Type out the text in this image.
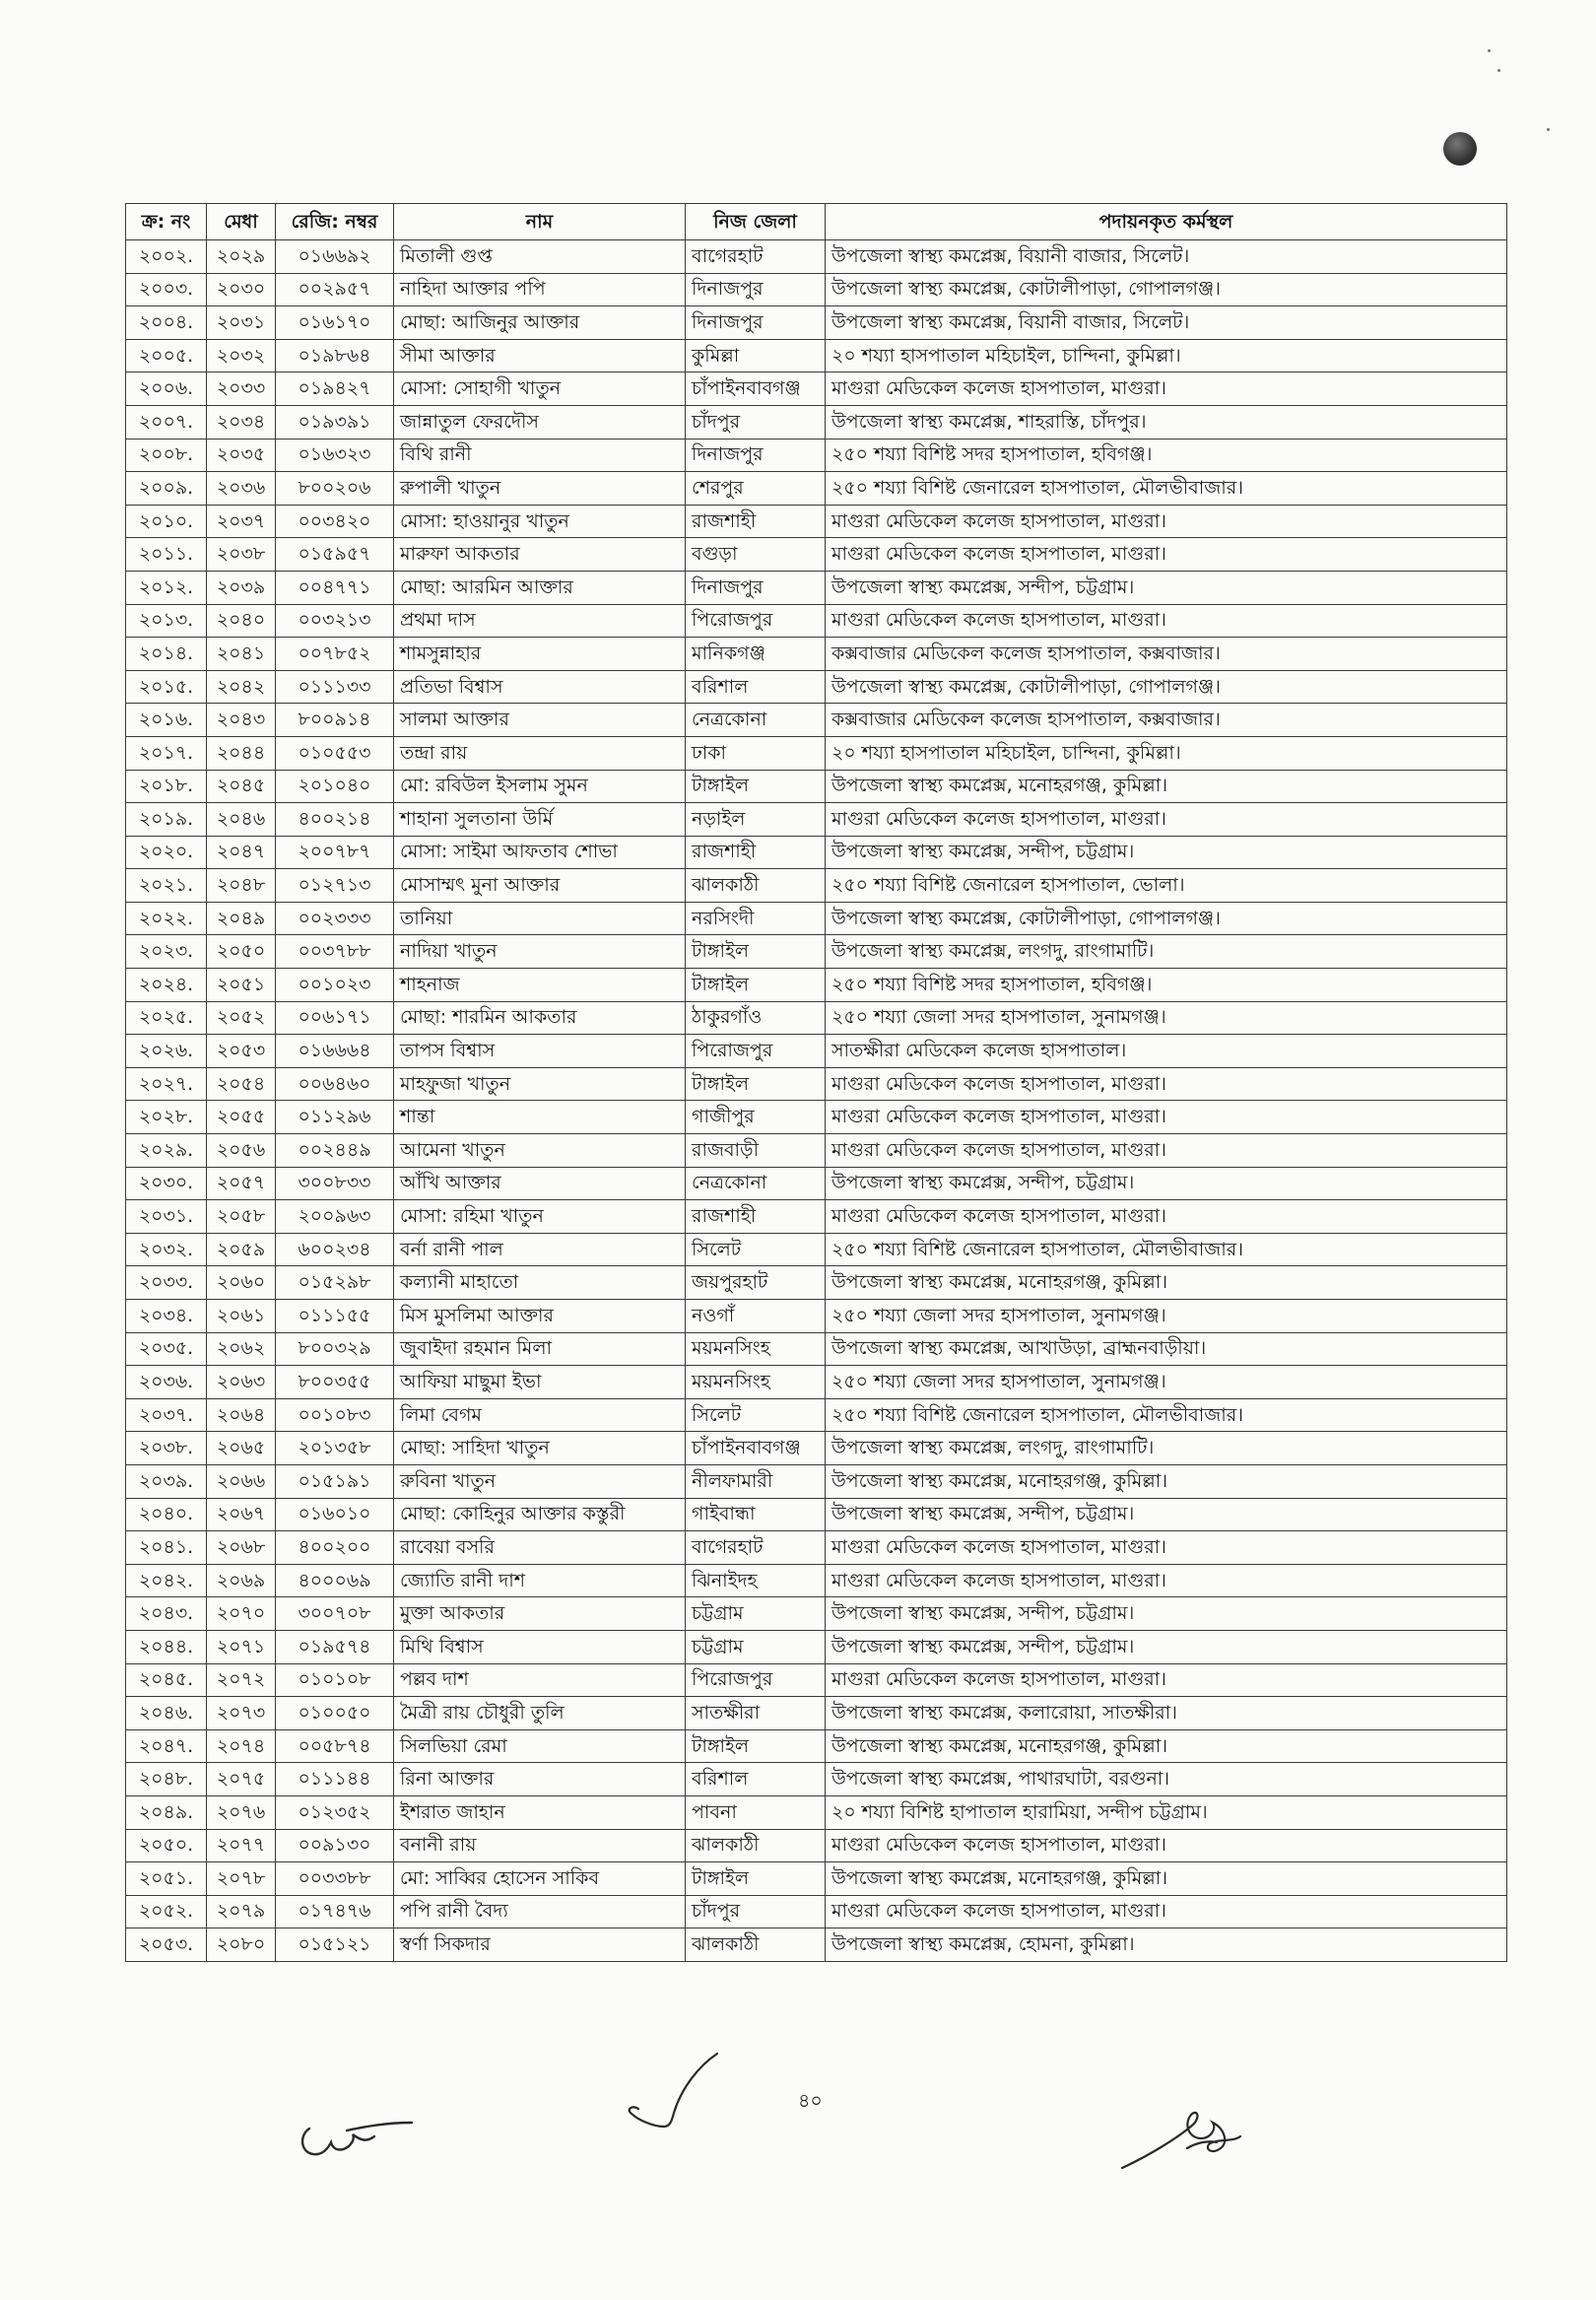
ক্র: নং	মেধা	রেজি: নম্বর	নাম	নিজ জেলা	পদায়নকৃত কর্মস্থল
২০০২.	২০২৯	০১৬৬৯২	মিতালী গুপ্ত	বাগেরহাট	উপজেলা স্বাস্থ্য কমপ্লেক্স, বিয়ানী বাজার, সিলেট।
২০০৩.	২০৩০	০০২৯৫৭	নাহিদা আক্তার পপি	দিনাজপুর	উপজেলা স্বাস্থ্য কমপ্লেক্স, কোটালীপাড়া, গোপালগঞ্জ।
২০০৪.	২০৩১	০১৬১৭০	মোছা: আজিনুর আক্তার	দিনাজপুর	উপজেলা স্বাস্থ্য কমপ্লেক্স, বিয়ানী বাজার, সিলেট।
২০০৫.	২০৩২	০১৯৮৬৪	সীমা আক্তার	কুমিল্লা	২০ শয্যা হাসপাতাল মহিচাইল, চান্দিনা, কুমিল্লা।
২০০৬.	২০৩৩	০১৯৪২৭	মোসা: সোহাগী খাতুন	চাঁপাইনবাবগঞ্জ	মাগুরা মেডিকেল কলেজ হাসপাতাল, মাগুরা।
২০০৭.	২০৩৪	০১৯৩৯১	জান্নাতুল ফেরদৌস	চাঁদপুর	উপজেলা স্বাস্থ্য কমপ্লেক্স, শাহরাস্তি, চাঁদপুর।
২০০৮.	২০৩৫	০১৬৩২৩	বিথি রানী	দিনাজপুর	২৫০ শয্যা বিশিষ্ট সদর হাসপাতাল, হবিগঞ্জ।
২০০৯.	২০৩৬	৮০০২০৬	রুপালী খাতুন	শেরপুর	২৫০ শয্যা বিশিষ্ট জেনারেল হাসপাতাল, মৌলভীবাজার।
২০১০.	২০৩৭	০০৩৪২০	মোসা: হাওয়ানুর খাতুন	রাজশাহী	মাগুরা মেডিকেল কলেজ হাসপাতাল, মাগুরা।
২০১১.	২০৩৮	০১৫৯৫৭	মারুফা আকতার	বগুড়া	মাগুরা মেডিকেল কলেজ হাসপাতাল, মাগুরা।
২০১২.	২০৩৯	০০৪৭৭১	মোছা: আরমিন আক্তার	দিনাজপুর	উপজেলা স্বাস্থ্য কমপ্লেক্স, সন্দীপ, চট্টগ্রাম।
২০১৩.	২০৪০	০০৩২১৩	প্রথমা দাস	পিরোজপুর	মাগুরা মেডিকেল কলেজ হাসপাতাল, মাগুরা।
২০১৪.	২০৪১	০০৭৮৫২	শামসুন্নাহার	মানিকগঞ্জ	কক্সবাজার মেডিকেল কলেজ হাসপাতাল, কক্সবাজার।
২০১৫.	২০৪২	০১১১৩৩	প্রতিভা বিশ্বাস	বরিশাল	উপজেলা স্বাস্থ্য কমপ্লেক্স, কোটালীপাড়া, গোপালগঞ্জ।
২০১৬.	২০৪৩	৮০০৯১৪	সালমা আক্তার	নেত্রকোনা	কক্সবাজার মেডিকেল কলেজ হাসপাতাল, কক্সবাজার।
২০১৭.	২০৪৪	০১০৫৫৩	তন্দ্রা রায়	ঢাকা	২০ শয্যা হাসপাতাল মহিচাইল, চান্দিনা, কুমিল্লা।
২০১৮.	২০৪৫	২০১০৪০	মো: রবিউল ইসলাম সুমন	টাঙ্গাইল	উপজেলা স্বাস্থ্য কমপ্লেক্স, মনোহরগঞ্জ, কুমিল্লা।
২০১৯.	২০৪৬	৪০০২১৪	শাহানা সুলতানা উর্মি	নড়াইল	মাগুরা মেডিকেল কলেজ হাসপাতাল, মাগুরা।
২০২০.	২০৪৭	২০০৭৮৭	মোসা: সাইমা আফতাব শোভা	রাজশাহী	উপজেলা স্বাস্থ্য কমপ্লেক্স, সন্দীপ, চট্টগ্রাম।
২০২১.	২০৪৮	০১২৭১৩	মোসাম্মৎ মুনা আক্তার	ঝালকাঠী	২৫০ শয্যা বিশিষ্ট জেনারেল হাসপাতাল, ভোলা।
২০২২.	২০৪৯	০০২৩৩৩	তানিয়া	নরসিংদী	উপজেলা স্বাস্থ্য কমপ্লেক্স, কোটালীপাড়া, গোপালগঞ্জ।
২০২৩.	২০৫০	০০৩৭৮৮	নাদিয়া খাতুন	টাঙ্গাইল	উপজেলা স্বাস্থ্য কমপ্লেক্স, লংগদু, রাংগামাটি।
২০২৪.	২০৫১	০০১০২৩	শাহনাজ	টাঙ্গাইল	২৫০ শয্যা বিশিষ্ট সদর হাসপাতাল, হবিগঞ্জ।
২০২৫.	২০৫২	০০৬১৭১	মোছা: শারমিন আকতার	ঠাকুরগাঁও	২৫০ শয্যা জেলা সদর হাসপাতাল, সুনামগঞ্জ।
২০২৬.	২০৫৩	০১৬৬৬৪	তাপস বিশ্বাস	পিরোজপুর	সাতক্ষীরা মেডিকেল কলেজ হাসপাতাল।
২০২৭.	২০৫৪	০০৬৪৬০	মাহফুজা খাতুন	টাঙ্গাইল	মাগুরা মেডিকেল কলেজ হাসপাতাল, মাগুরা।
২০২৮.	২০৫৫	০১১২৯৬	শান্তা	গাজীপুর	মাগুরা মেডিকেল কলেজ হাসপাতাল, মাগুরা।
২০২৯.	২০৫৬	০০২৪৪৯	আমেনা খাতুন	রাজবাড়ী	মাগুরা মেডিকেল কলেজ হাসপাতাল, মাগুরা।
২০৩০.	২০৫৭	৩০০৮৩৩	আঁখি আক্তার	নেত্রকোনা	উপজেলা স্বাস্থ্য কমপ্লেক্স, সন্দীপ, চট্টগ্রাম।
২০৩১.	২০৫৮	২০০৯৬৩	মোসা: রহিমা খাতুন	রাজশাহী	মাগুরা মেডিকেল কলেজ হাসপাতাল, মাগুরা।
২০৩২.	২০৫৯	৬০০২৩৪	বর্না রানী পাল	সিলেট	২৫০ শয্যা বিশিষ্ট জেনারেল হাসপাতাল, মৌলভীবাজার।
২০৩৩.	২০৬০	০১৫২৯৮	কল্যানী মাহাতো	জয়পুরহাট	উপজেলা স্বাস্থ্য কমপ্লেক্স, মনোহরগঞ্জ, কুমিল্লা।
২০৩৪.	২০৬১	০১১১৫৫	মিস মুসলিমা আক্তার	নওগাঁ	২৫০ শয্যা জেলা সদর হাসপাতাল, সুনামগঞ্জ।
২০৩৫.	২০৬২	৮০০৩২৯	জুবাইদা রহমান মিলা	ময়মনসিংহ	উপজেলা স্বাস্থ্য কমপ্লেক্স, আখাউড়া, ব্রাহ্মনবাড়ীয়া।
২০৩৬.	২০৬৩	৮০০৩৫৫	আফিয়া মাছুমা ইভা	ময়মনসিংহ	২৫০ শয্যা জেলা সদর হাসপাতাল, সুনামগঞ্জ।
২০৩৭.	২০৬৪	০০১০৮৩	লিমা বেগম	সিলেট	২৫০ শয্যা বিশিষ্ট জেনারেল হাসপাতাল, মৌলভীবাজার।
২০৩৮.	২০৬৫	২০১৩৫৮	মোছা: সাহিদা খাতুন	চাঁপাইনবাবগঞ্জ	উপজেলা স্বাস্থ্য কমপ্লেক্স, লংগদু, রাংগামাটি।
২০৩৯.	২০৬৬	০১৫১৯১	রুবিনা খাতুন	নীলফামারী	উপজেলা স্বাস্থ্য কমপ্লেক্স, মনোহরগঞ্জ, কুমিল্লা।
২০৪০.	২০৬৭	০১৬০১০	মোছা: কোহিনুর আক্তার কস্তুরী	গাইবান্ধা	উপজেলা স্বাস্থ্য কমপ্লেক্স, সন্দীপ, চট্টগ্রাম।
২০৪১.	২০৬৮	৪০০২০০	রাবেয়া বসরি	বাগেরহাট	মাগুরা মেডিকেল কলেজ হাসপাতাল, মাগুরা।
২০৪২.	২০৬৯	৪০০০৬৯	জ্যোতি রানী দাশ	ঝিনাইদহ	মাগুরা মেডিকেল কলেজ হাসপাতাল, মাগুরা।
২০৪৩.	২০৭০	৩০০৭০৮	মুক্তা আকতার	চট্টগ্রাম	উপজেলা স্বাস্থ্য কমপ্লেক্স, সন্দীপ, চট্টগ্রাম।
২০৪৪.	২০৭১	০১৯৫৭৪	মিথি বিশ্বাস	চট্টগ্রাম	উপজেলা স্বাস্থ্য কমপ্লেক্স, সন্দীপ, চট্টগ্রাম।
২০৪৫.	২০৭২	০১০১০৮	পল্লব দাশ	পিরোজপুর	মাগুরা মেডিকেল কলেজ হাসপাতাল, মাগুরা।
২০৪৬.	২০৭৩	০১০০৫০	মৈত্রী রায় চৌধুরী তুলি	সাতক্ষীরা	উপজেলা স্বাস্থ্য কমপ্লেক্স, কলারোয়া, সাতক্ষীরা।
২০৪৭.	২০৭৪	০০৫৮৭৪	সিলভিয়া রেমা	টাঙ্গাইল	উপজেলা স্বাস্থ্য কমপ্লেক্স, মনোহরগঞ্জ, কুমিল্লা।
২০৪৮.	২০৭৫	০১১১৪৪	রিনা আক্তার	বরিশাল	উপজেলা স্বাস্থ্য কমপ্লেক্স, পাথারঘাটা, বরগুনা।
২০৪৯.	২০৭৬	০১২৩৫২	ইশরাত জাহান	পাবনা	২০ শয্যা বিশিষ্ট হাপাতাল হারামিয়া, সন্দীপ চট্টগ্রাম।
২০৫০.	২০৭৭	০০৯১৩০	বনানী রায়	ঝালকাঠী	মাগুরা মেডিকেল কলেজ হাসপাতাল, মাগুরা।
২০৫১.	২০৭৮	০০৩৩৮৮	মো: সাব্বির হোসেন সাকিব	টাঙ্গাইল	উপজেলা স্বাস্থ্য কমপ্লেক্স, মনোহরগঞ্জ, কুমিল্লা।
২০৫২.	২০৭৯	০১৭৪৭৬	পপি রানী বৈদ্য	চাঁদপুর	মাগুরা মেডিকেল কলেজ হাসপাতাল, মাগুরা।
২০৫৩.	২০৮০	০১৫১২১	স্বর্ণা সিকদার	ঝালকাঠী	উপজেলা স্বাস্থ্য কমপ্লেক্স, হোমনা, কুমিল্লা।
৪০
